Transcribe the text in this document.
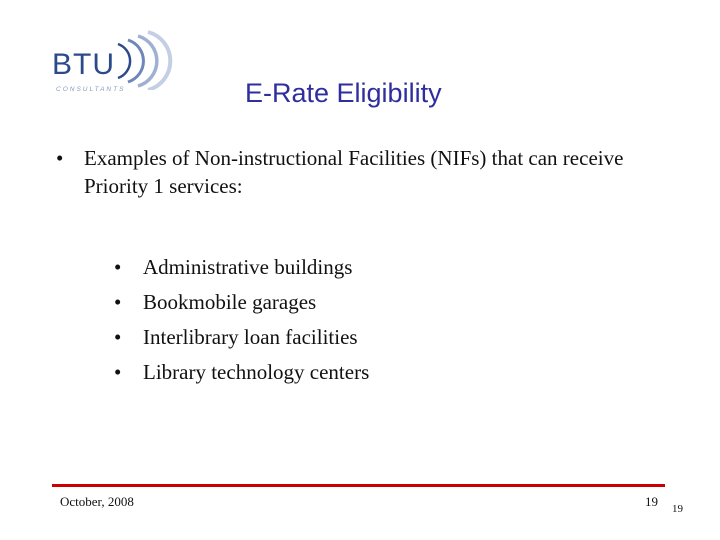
BTU
CONSULTANTS	E-Rate Eligibility
• Examples of Non-instructional Facilities (NIFs) that can receive Priority 1 services:
• Administrative buildings
• Bookmobile garages
• Interlibrary loan facilities
• Library technology centers
October, 2008	19 19
